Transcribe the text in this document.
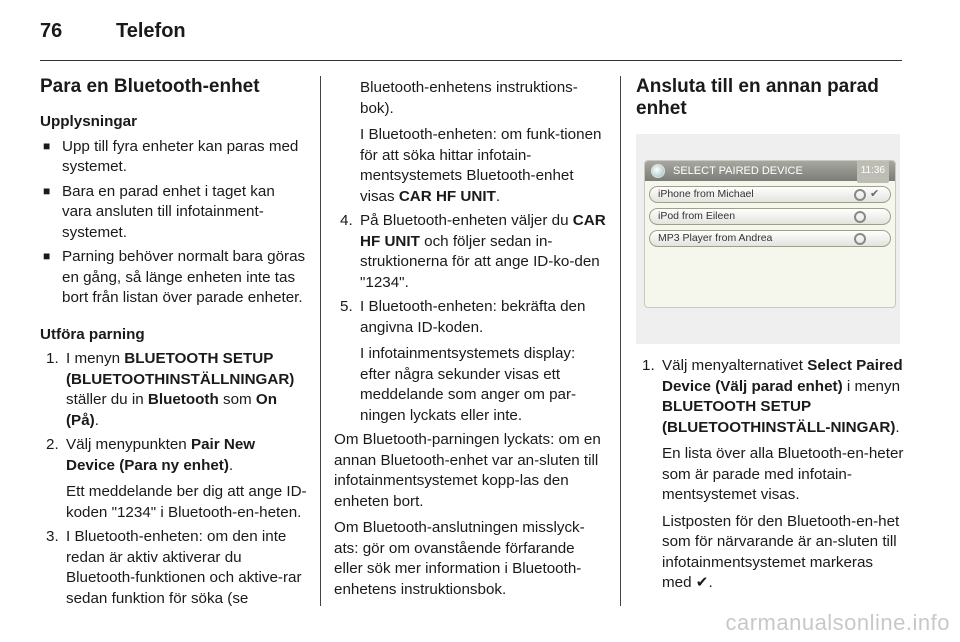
76	Telefon
Para en Bluetooth-enhet
Upplysningar
■ Upp till fyra enheter kan paras med systemet.
■ Bara en parad enhet i taget kan vara ansluten till infotainment-systemet.
■ Parning behöver normalt bara göras en gång, så länge enheten inte tas bort från listan över parade enheter.
Utföra parning
1. I menyn BLUETOOTH SETUP (BLUETOOTHINSTÄLLNINGAR) ställer du in Bluetooth som On (På).
2. Välj menypunkten Pair New Device (Para ny enhet).
Ett meddelande ber dig att ange ID-koden "1234" i Bluetooth-en-heten.
3. I Bluetooth-enheten: om den inte redan är aktiv aktiverar du Bluetooth-funktionen och aktive-rar sedan funktion för söka (se
Bluetooth-enhetens instruktions-bok).
I Bluetooth-enheten: om funk-tionen för att söka hittar infotain-mentsystemets Bluetooth-enhet visas CAR HF UNIT.
4. På Bluetooth-enheten väljer du CAR HF UNIT och följer sedan in-struktionerna för att ange ID-ko-den "1234".
5. I Bluetooth-enheten: bekräfta den angivna ID-koden.
I infotainmentsystemets display: efter några sekunder visas ett meddelande som anger om par-ningen lyckats eller inte.
Om Bluetooth-parningen lyckats: om en annan Bluetooth-enhet var an-sluten till infotainmentsystemet kopp-las den enheten bort.
Om Bluetooth-anslutningen misslyck-ats: gör om ovanstående förfarande eller sök mer information i Bluetooth-enhetens instruktionsbok.
Ansluta till en annan parad enhet
SELECT PAIRED DEVICE	11:36
iPhone from Michael	✔
iPod from Eileen
MP3 Player from Andrea
1. Välj menyalternativet Select Paired Device (Välj parad enhet) i menyn BLUETOOTH SETUP (BLUETOOTHINSTÄLL-NINGAR).
En lista över alla Bluetooth-en-heter som är parade med infotain-mentsystemet visas.
Listposten för den Bluetooth-en-het som för närvarande är an-sluten till infotainmentsystemet markeras med ✔.
carmanualsonline.info
